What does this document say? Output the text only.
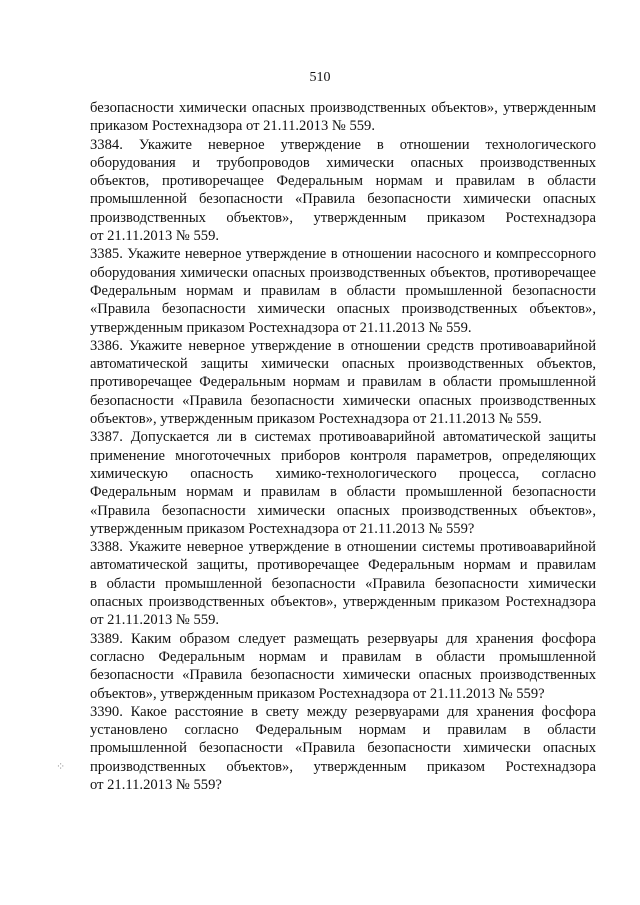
510

безопасности химически опасных производственных объектов», утвержденным

приказом Ростехнадзора от 21.11.2013 № 559.

3384. Укажите неверное утверждение в отношении технологического

оборудования и трубопроводов химически опасных производственных

объектов, противоречащее Федеральным нормам и правилам в области

промышленной безопасности «Правила безопасности химически опасных

производственных объектов», утвержденным приказом Ростехнадзора

от 21.11.2013 № 559.

3385. Укажите неверное утверждение в отношении насосного и компрессорного

оборудования химически опасных производственных объектов, противоречащее

Федеральным нормам и правилам в области промышленной безопасности

«Правила безопасности химически опасных производственных объектов»,

утвержденным приказом Ростехнадзора от 21.11.2013 № 559.

3386. Укажите неверное утверждение в отношении средств противоаварийной

автоматической защиты химически опасных производственных объектов,

противоречащее Федеральным нормам и правилам в области промышленной

безопасности «Правила безопасности химически опасных производственных

объектов», утвержденным приказом Ростехнадзора от 21.11.2013 № 559.

3387. Допускается ли в системах противоаварийной автоматической защиты

применение многоточечных приборов контроля параметров, определяющих

химическую опасность химико-технологического процесса, согласно

Федеральным нормам и правилам в области промышленной безопасности

«Правила безопасности химически опасных производственных объектов»,

утвержденным приказом Ростехнадзора от 21.11.2013 № 559?

3388. Укажите неверное утверждение в отношении системы противоаварийной

автоматической защиты, противоречащее Федеральным нормам и правилам

в области промышленной безопасности «Правила безопасности химически

опасных производственных объектов», утвержденным приказом Ростехнадзора

от 21.11.2013 № 559.

3389. Каким образом следует размещать резервуары для хранения фосфора

согласно Федеральным нормам и правилам в области промышленной

безопасности «Правила безопасности химически опасных производственных

объектов», утвержденным приказом Ростехнадзора от 21.11.2013 № 559?

3390. Какое расстояние в свету между резервуарами для хранения фосфора

установлено согласно Федеральным нормам и правилам в области

промышленной безопасности «Правила безопасности химически опасных

производственных объектов», утвержденным приказом Ростехнадзора

от 21.11.2013 № 559?

⁘
